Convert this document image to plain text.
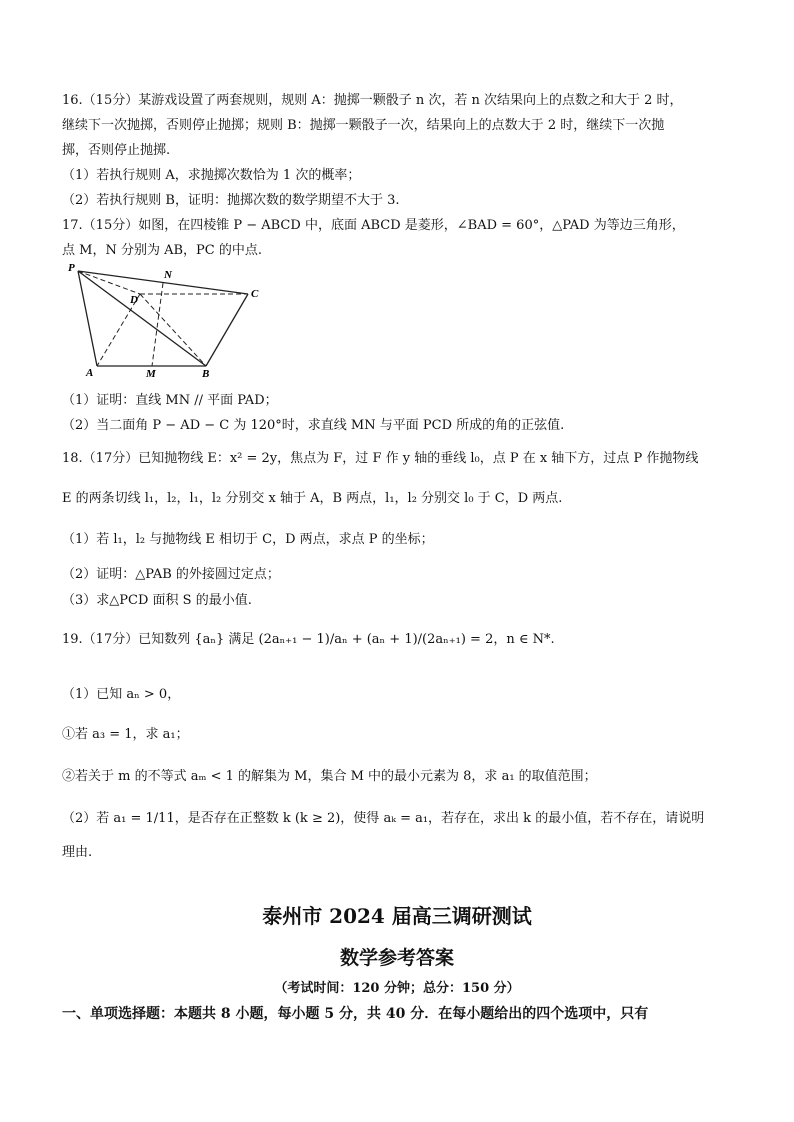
16.（15分）某游戏设置了两套规则，规则 A：抛掷一颗骰子 n 次，若 n 次结果向上的点数之和大于 2 时，
继续下一次抛掷，否则停止抛掷；规则 B：抛掷一颗骰子一次，结果向上的点数大于 2 时，继续下一次抛
掷，否则停止抛掷.
（1）若执行规则 A，求抛掷次数恰为 1 次的概率；
（2）若执行规则 B，证明：抛掷次数的数学期望不大于 3.
17.（15分）如图，在四棱锥 P − ABCD 中，底面 ABCD 是菱形，∠BAD = 60°，△PAD 为等边三角形，
点 M，N 分别为 AB，PC 的中点.
P
N
D	C
A	M	B
（1）证明：直线 MN // 平面 PAD；
（2）当二面角 P − AD − C 为 120°时，求直线 MN 与平面 PCD 所成的角的正弦值.
18.（17分）已知抛物线 E：x² = 2y，焦点为 F，过 F 作 y 轴的垂线 l₀，点 P 在 x 轴下方，过点 P 作抛物线
E 的两条切线 l₁，l₂，l₁，l₂ 分别交 x 轴于 A，B 两点，l₁，l₂ 分别交 l₀ 于 C，D 两点.
（1）若 l₁，l₂ 与抛物线 E 相切于 C，D 两点，求点 P 的坐标；
（2）证明：△PAB 的外接圆过定点；
（3）求△PCD 面积 S 的最小值.
19.（17分）已知数列 {aₙ} 满足 (2aₙ₊₁ − 1)/aₙ + (aₙ + 1)/(2aₙ₊₁) = 2，n ∈ N*.
（1）已知 aₙ > 0，
①若 a₃ = 1，求 a₁；
②若关于 m 的不等式 aₘ < 1 的解集为 M，集合 M 中的最小元素为 8，求 a₁ 的取值范围；
（2）若 a₁ = 1/11，是否存在正整数 k (k ≥ 2)，使得 aₖ = a₁，若存在，求出 k 的最小值，若不存在，请说明
理由.
泰州市 2024 届高三调研测试
数学参考答案
（考试时间：120 分钟；总分：150 分）
一、单项选择题：本题共 8 小题，每小题 5 分，共 40 分．在每小题给出的四个选项中，只有
